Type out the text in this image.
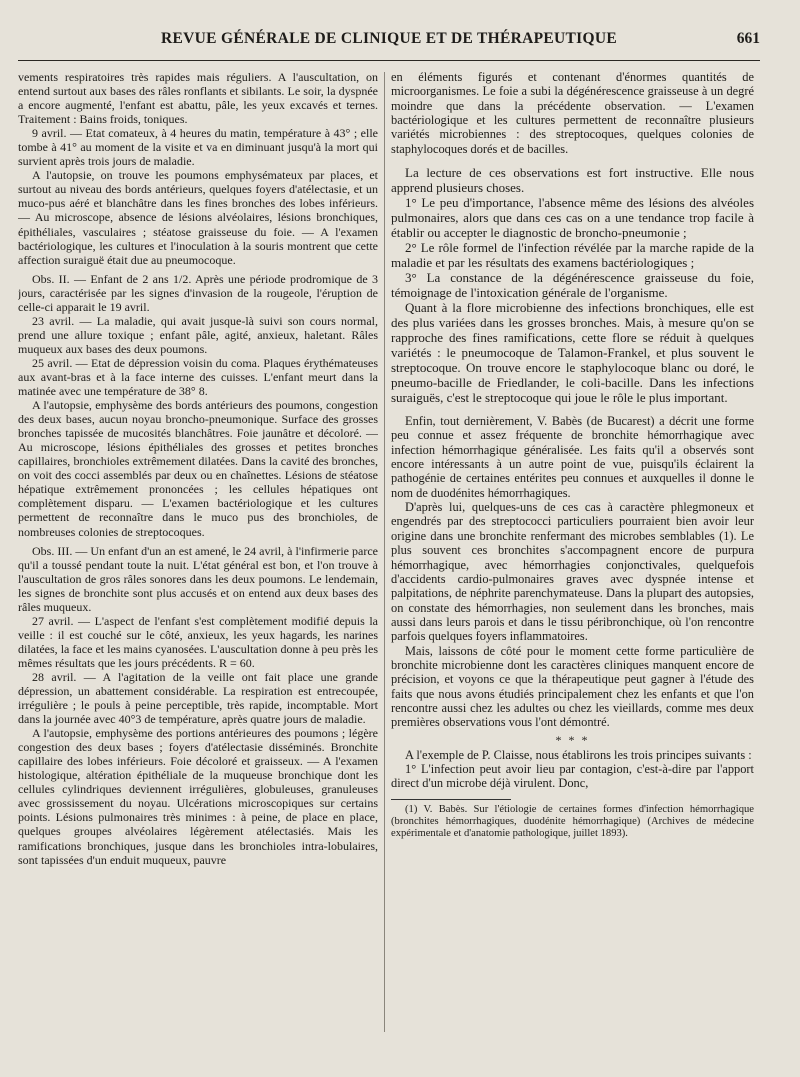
REVUE GÉNÉRALE DE CLINIQUE ET DE THÉRAPEUTIQUE	661

vements respiratoires très rapides mais réguliers. A l'auscultation, on entend surtout aux bases des râles ronflants et sibilants. Le soir, la dyspnée a encore augmenté, l'enfant est abattu, pâle, les yeux excavés et ternes. Traitement : Bains froids, toniques.

9 avril. — Etat comateux, à 4 heures du matin, température à 43° ; elle tombe à 41° au moment de la visite et va en diminuant jusqu'à la mort qui survient après trois jours de maladie.

A l'autopsie, on trouve les poumons emphysémateux par places, et surtout au niveau des bords antérieurs, quelques foyers d'atélectasie, et un muco-pus aéré et blanchâtre dans les fines bronches des lobes inférieurs. — Au microscope, absence de lésions alvéolaires, lésions bronchiques, épithéliales, vasculaires ; stéatose graisseuse du foie. — A l'examen bactériologique, les cultures et l'inoculation à la souris montrent que cette affection suraiguë était due au pneumocoque.

Obs. II. — Enfant de 2 ans 1/2. Après une période prodromique de 3 jours, caractérisée par les signes d'invasion de la rougeole, l'éruption de celle-ci apparait le 19 avril.

23 avril. — La maladie, qui avait jusque-là suivi son cours normal, prend une allure toxique ; enfant pâle, agité, anxieux, haletant. Râles muqueux aux bases des deux poumons.

25 avril. — Etat de dépression voisin du coma. Plaques érythémateuses aux avant-bras et à la face interne des cuisses. L'enfant meurt dans la matinée avec une température de 38° 8.

A l'autopsie, emphysème des bords antérieurs des poumons, congestion des deux bases, aucun noyau broncho-pneumonique. Surface des grosses bronches tapissée de mucosités blanchâtres. Foie jaunâtre et décoloré. — Au microscope, lésions épithéliales des grosses et petites bronches capillaires, bronchioles extrêmement dilatées. Dans la cavité des bronches, on voit des cocci assemblés par deux ou en chaînettes. Lésions de stéatose hépatique extrêmement prononcées ; les cellules hépatiques ont complètement disparu. — L'examen bactériologique et les cultures permettent de reconnaître dans le muco pus des bronchioles, de nombreuses colonies de streptocoques.

Obs. III. — Un enfant d'un an est amené, le 24 avril, à l'infirmerie parce qu'il a toussé pendant toute la nuit. L'état général est bon, et l'on trouve à l'auscultation de gros râles sonores dans les deux poumons. Le lendemain, les signes de bronchite sont plus accusés et on entend aux deux bases des râles muqueux.

27 avril. — L'aspect de l'enfant s'est complètement modifié depuis la veille : il est couché sur le côté, anxieux, les yeux hagards, les narines dilatées, la face et les mains cyanosées. L'auscultation donne à peu près les mêmes résultats que les jours précédents. R = 60.

28 avril. — A l'agitation de la veille ont fait place une grande dépression, un abattement considérable. La respiration est entrecoupée, irrégulière ; le pouls à peine perceptible, très rapide, incomptable. Mort dans la journée avec 40°3 de température, après quatre jours de maladie.

A l'autopsie, emphysème des portions antérieures des poumons ; légère congestion des deux bases ; foyers d'atélectasie disséminés. Bronchite capillaire des lobes inférieurs. Foie décoloré et graisseux. — A l'examen histologique, altération épithéliale de la muqueuse bronchique dont les cellules cylindriques deviennent irrégulières, globuleuses, granuleuses avec grossissement du noyau. Ulcérations microscopiques sur certains points. Lésions pulmonaires très minimes : à peine, de place en place, quelques groupes alvéolaires légèrement atélectasiés. Mais les ramifications bronchiques, jusque dans les bronchioles intra-lobulaires, sont tapissées d'un enduit muqueux, pauvre

en éléments figurés et contenant d'énormes quantités de microorganismes. Le foie a subi la dégénérescence graisseuse à un degré moindre que dans la précédente observation. — L'examen bactériologique et les cultures permettent de reconnaître plusieurs variétés microbiennes : des streptocoques, quelques colonies de staphylocoques dorés et de bacilles.

La lecture de ces observations est fort instructive. Elle nous apprend plusieurs choses.

1° Le peu d'importance, l'absence même des lésions des alvéoles pulmonaires, alors que dans ces cas on a une tendance trop facile à établir ou accepter le diagnostic de broncho-pneumonie ;

2° Le rôle formel de l'infection révélée par la marche rapide de la maladie et par les résultats des examens bactériologiques ;

3° La constance de la dégénérescence graisseuse du foie, témoignage de l'intoxication générale de l'organisme.

Quant à la flore microbienne des infections bronchiques, elle est des plus variées dans les grosses bronches. Mais, à mesure qu'on se rapproche des fines ramifications, cette flore se réduit à quelques variétés : le pneumocoque de Talamon-Frankel, et plus souvent le streptocoque. On trouve encore le staphylocoque blanc ou doré, le pneumo-bacille de Friedlander, le coli-bacille. Dans les infections suraiguës, c'est le streptocoque qui joue le rôle le plus important.

Enfin, tout dernièrement, V. Babès (de Bucarest) a décrit une forme peu connue et assez fréquente de bronchite hémorrhagique avec infection hémorrhagique généralisée. Les faits qu'il a observés sont encore intéressants à un autre point de vue, puisqu'ils éclairent la pathogénie de certaines entérites peu connues et auxquelles il donne le nom de duodénites hémorrhagiques.

D'après lui, quelques-uns de ces cas à caractère phlegmoneux et engendrés par des streptococci particuliers pourraient bien avoir leur origine dans une bronchite renfermant des microbes semblables (1). Le plus souvent ces bronchites s'accompagnent encore de purpura hémorrhagique, avec hémorrhagies conjonctivales, quelquefois d'accidents cardio-pulmonaires graves avec dyspnée intense et palpitations, de néphrite parenchymateuse. Dans la plupart des autopsies, on constate des hémorrhagies, non seulement dans les bronches, mais aussi dans leurs parois et dans le tissu péribronchique, où l'on rencontre parfois quelques foyers inflammatoires.

Mais, laissons de côté pour le moment cette forme particulière de bronchite microbienne dont les caractères cliniques manquent encore de précision, et voyons ce que la thérapeutique peut gagner à l'étude des faits que nous avons étudiés principalement chez les enfants et que l'on rencontre aussi chez les adultes ou chez les vieillards, comme mes deux premières observations vous l'ont démontré.

* * *

A l'exemple de P. Claisse, nous établirons les trois principes suivants :

1° L'infection peut avoir lieu par contagion, c'est-à-dire par l'apport direct d'un microbe déjà virulent. Donc,

(1) V. Babès. Sur l'étiologie de certaines formes d'infection hémorrhagique (bronchites hémorrhagiques, duodénite hémorrhagique) (Archives de médecine expérimentale et d'anatomie pathologique, juillet 1893).
